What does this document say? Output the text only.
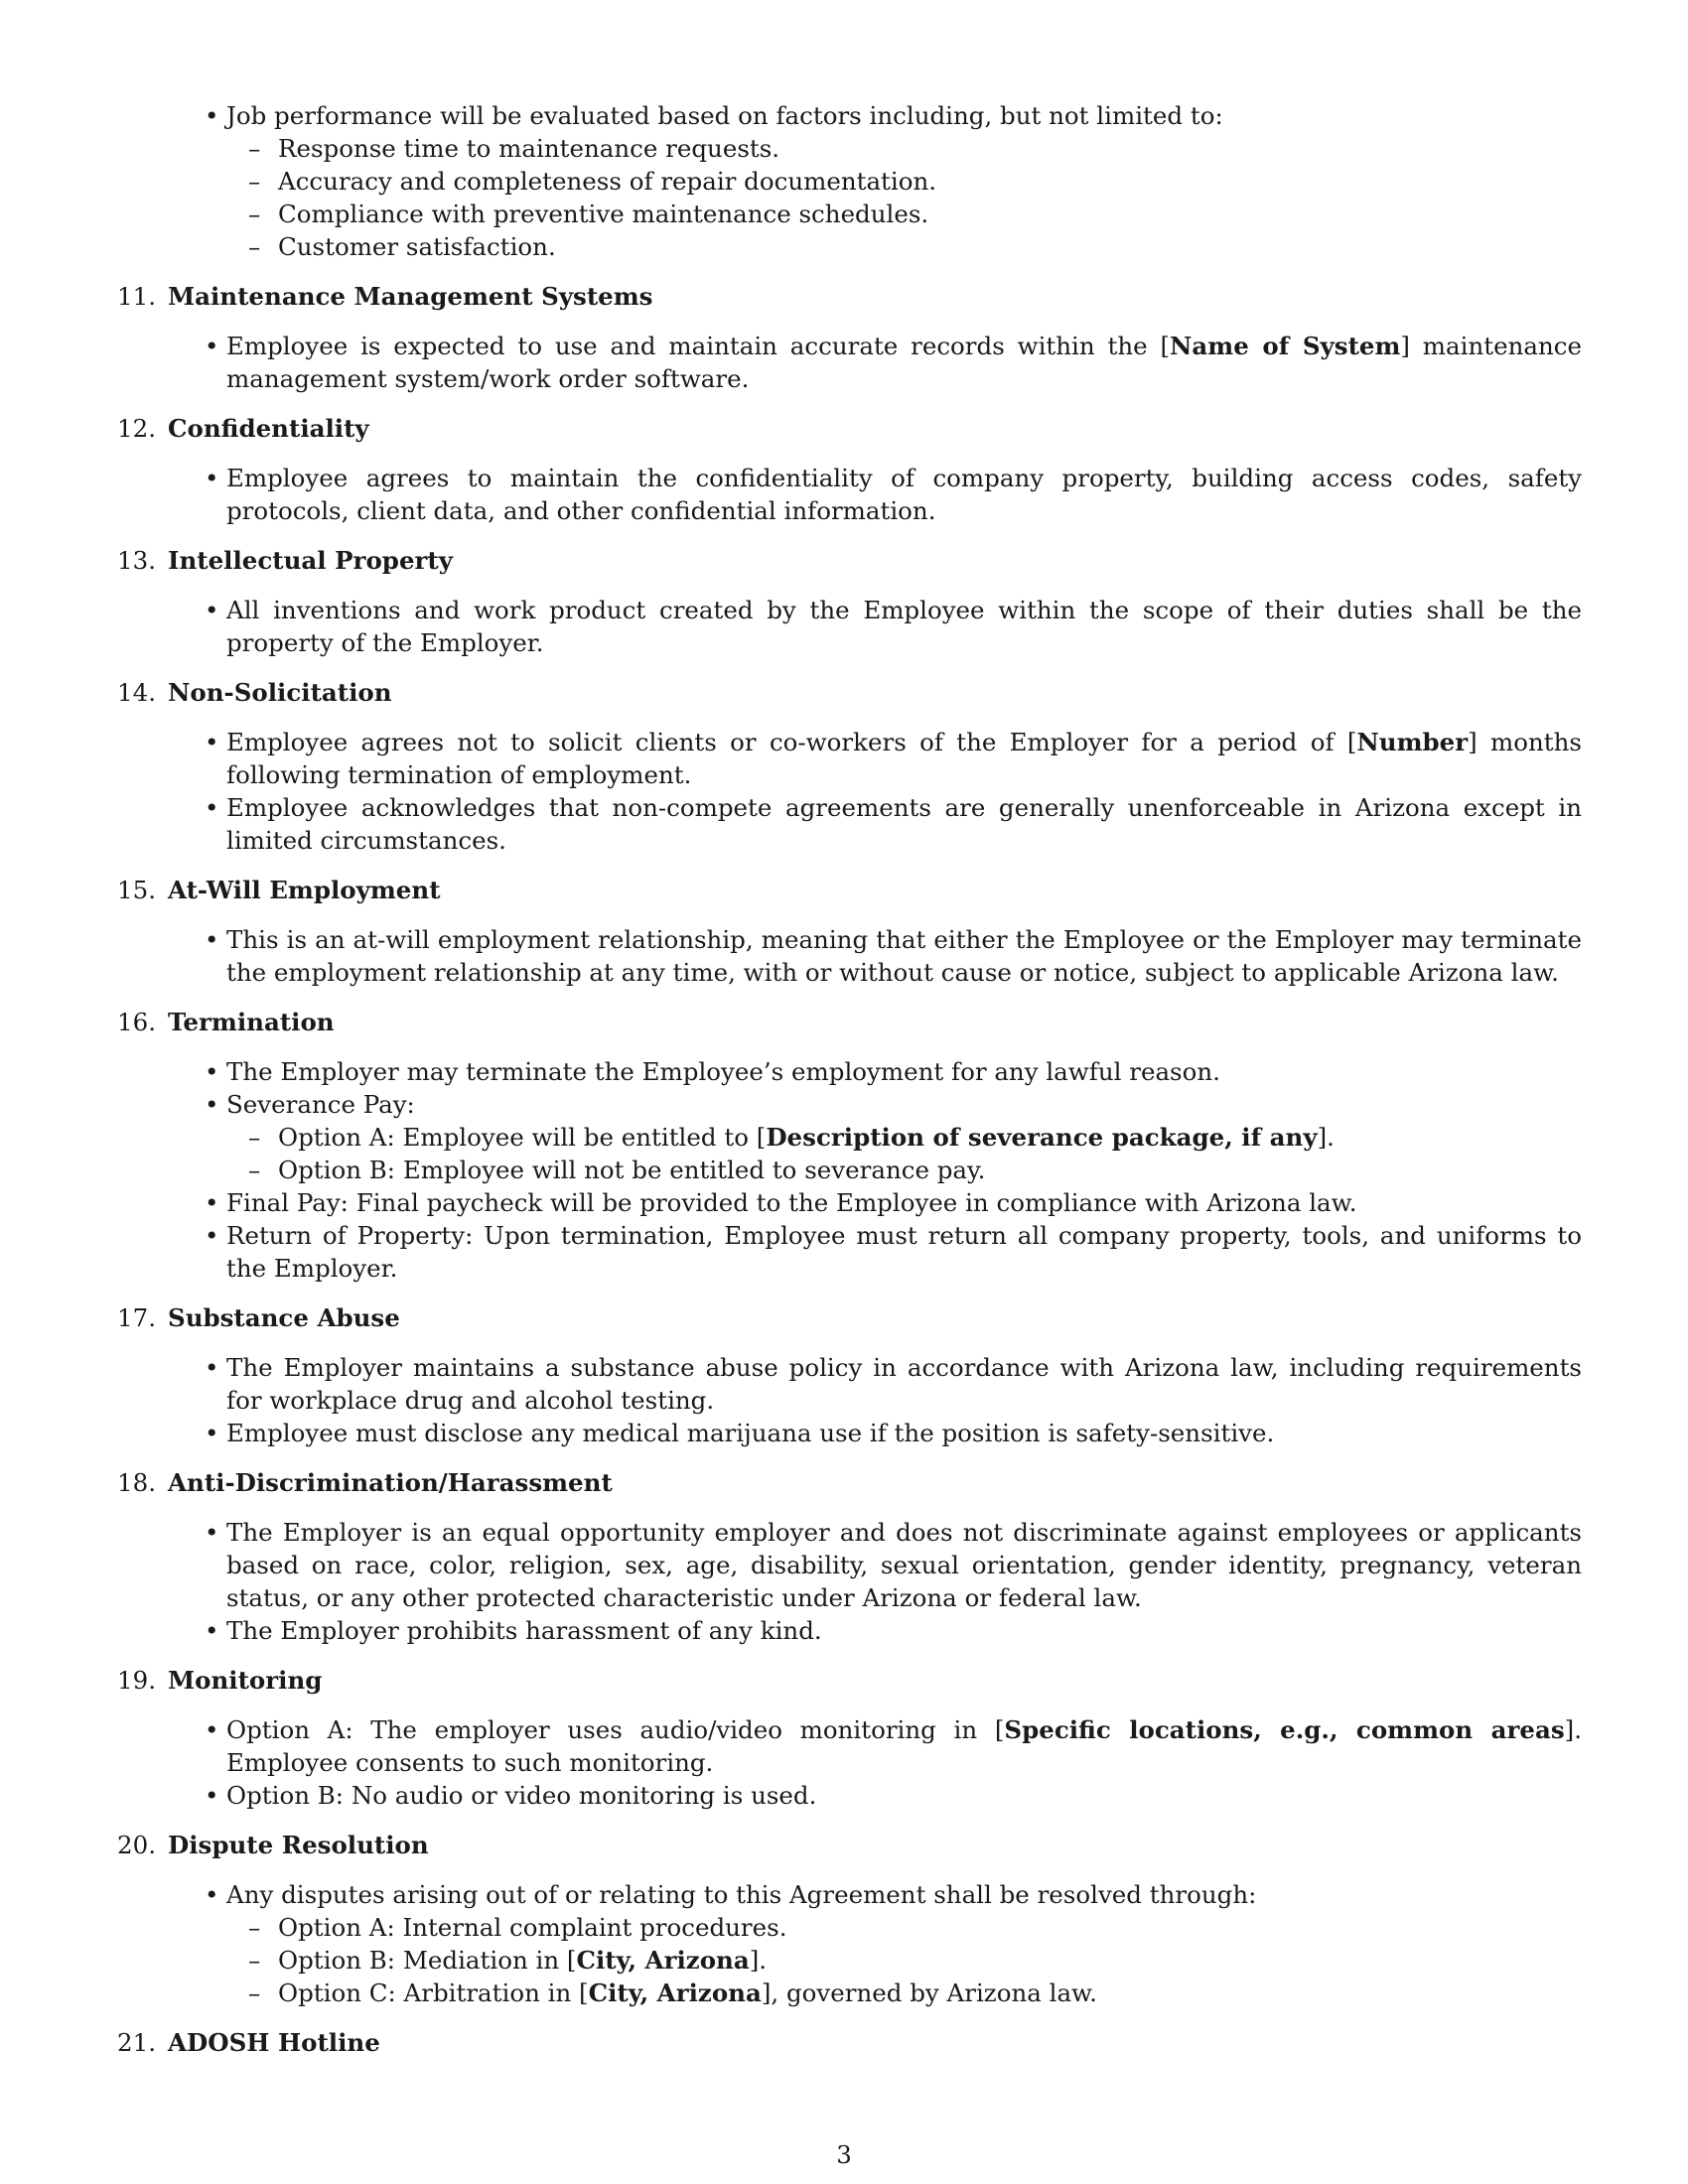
• Job performance will be evaluated based on factors including, but not limited to:
– Response time to maintenance requests.
– Accuracy and completeness of repair documentation.
– Compliance with preventive maintenance schedules.
– Customer satisfaction.
11. Maintenance Management Systems
• Employee is expected to use and maintain accurate records within the [Name of System] maintenance management system/work order software.
12. Confidentiality
• Employee agrees to maintain the confidentiality of company property, building access codes, safety protocols, client data, and other confidential information.
13. Intellectual Property
• All inventions and work product created by the Employee within the scope of their duties shall be the property of the Employer.
14. Non-Solicitation
• Employee agrees not to solicit clients or co-workers of the Employer for a period of [Number] months following termination of employment.
• Employee acknowledges that non-compete agreements are generally unenforceable in Arizona except in limited circumstances.
15. At-Will Employment
• This is an at-will employment relationship, meaning that either the Employee or the Employer may terminate the employment relationship at any time, with or without cause or notice, subject to applicable Arizona law.
16. Termination
• The Employer may terminate the Employee’s employment for any lawful reason.
• Severance Pay:
– Option A: Employee will be entitled to [Description of severance package, if any].
– Option B: Employee will not be entitled to severance pay.
• Final Pay: Final paycheck will be provided to the Employee in compliance with Arizona law.
• Return of Property: Upon termination, Employee must return all company property, tools, and uniforms to the Employer.
17. Substance Abuse
• The Employer maintains a substance abuse policy in accordance with Arizona law, including requirements for workplace drug and alcohol testing.
• Employee must disclose any medical marijuana use if the position is safety-sensitive.
18. Anti-Discrimination/Harassment
• The Employer is an equal opportunity employer and does not discriminate against employees or applicants based on race, color, religion, sex, age, disability, sexual orientation, gender identity, pregnancy, veteran status, or any other protected characteristic under Arizona or federal law.
• The Employer prohibits harassment of any kind.
19. Monitoring
• Option A: The employer uses audio/video monitoring in [Specific locations, e.g., common areas]. Employee consents to such monitoring.
• Option B: No audio or video monitoring is used.
20. Dispute Resolution
• Any disputes arising out of or relating to this Agreement shall be resolved through:
– Option A: Internal complaint procedures.
– Option B: Mediation in [City, Arizona].
– Option C: Arbitration in [City, Arizona], governed by Arizona law.
21. ADOSH Hotline
3
